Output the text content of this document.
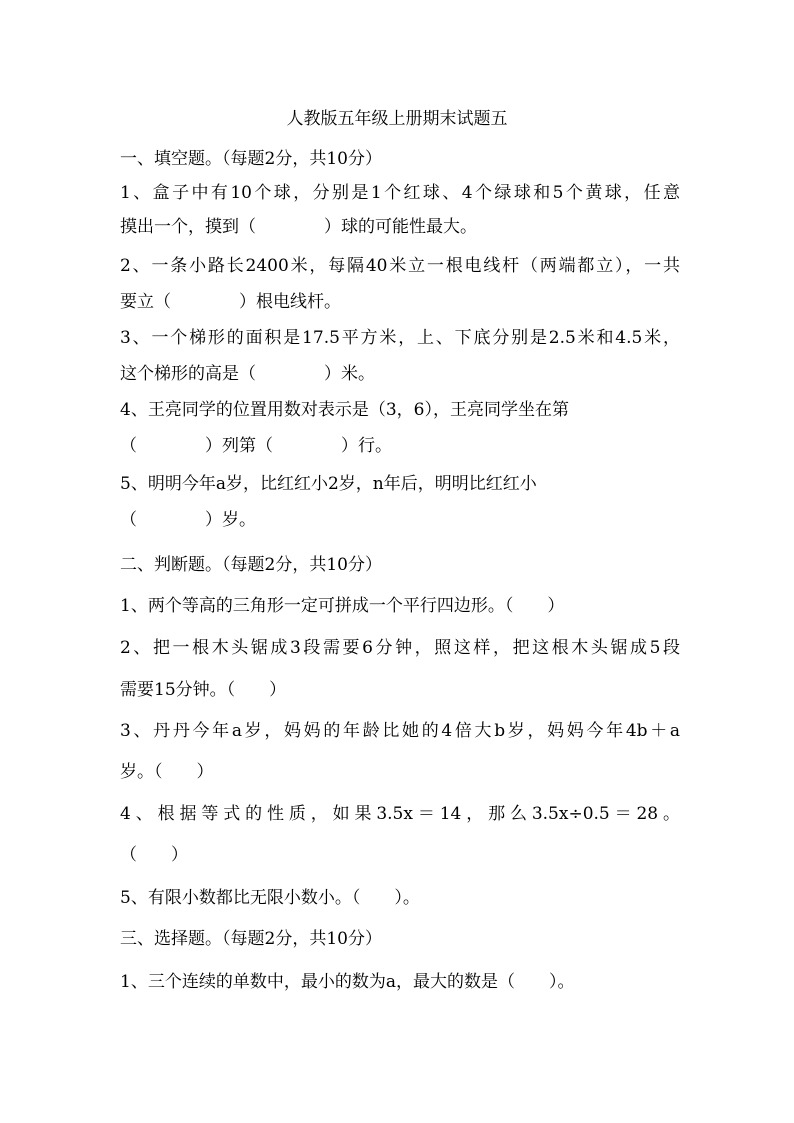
人教版五年级上册期末试题五
一、填空题。（每题2分，共10分）
1、盒子中有10个球，分别是1个红球、4个绿球和5个黄球，任意
摸出一个，摸到（　　　　）球的可能性最大。
2、一条小路长2400米，每隔40米立一根电线杆（两端都立），一共
要立（　　　　）根电线杆。
3、一个梯形的面积是17.5平方米，上、下底分别是2.5米和4.5米，
这个梯形的高是（　　　　）米。
4、王亮同学的位置用数对表示是（3，6），王亮同学坐在第
（　　　　）列第（　　　　）行。
5、明明今年a岁，比红红小2岁，n年后，明明比红红小
（　　　　）岁。
二、判断题。（每题2分，共10分）
1、两个等高的三角形一定可拼成一个平行四边形。（　　）
2、把一根木头锯成3段需要6分钟，照这样，把这根木头锯成5段
需要15分钟。（　　）
3、丹丹今年a岁，妈妈的年龄比她的4倍大b岁，妈妈今年4b＋a
岁。（　　）
4、根据等式的性质，如果3.5x＝14，那么3.5x÷0.5＝28。
（　　）
5、有限小数都比无限小数小。（　　）。
三、选择题。（每题2分，共10分）
1、三个连续的单数中，最小的数为a，最大的数是（　　）。
